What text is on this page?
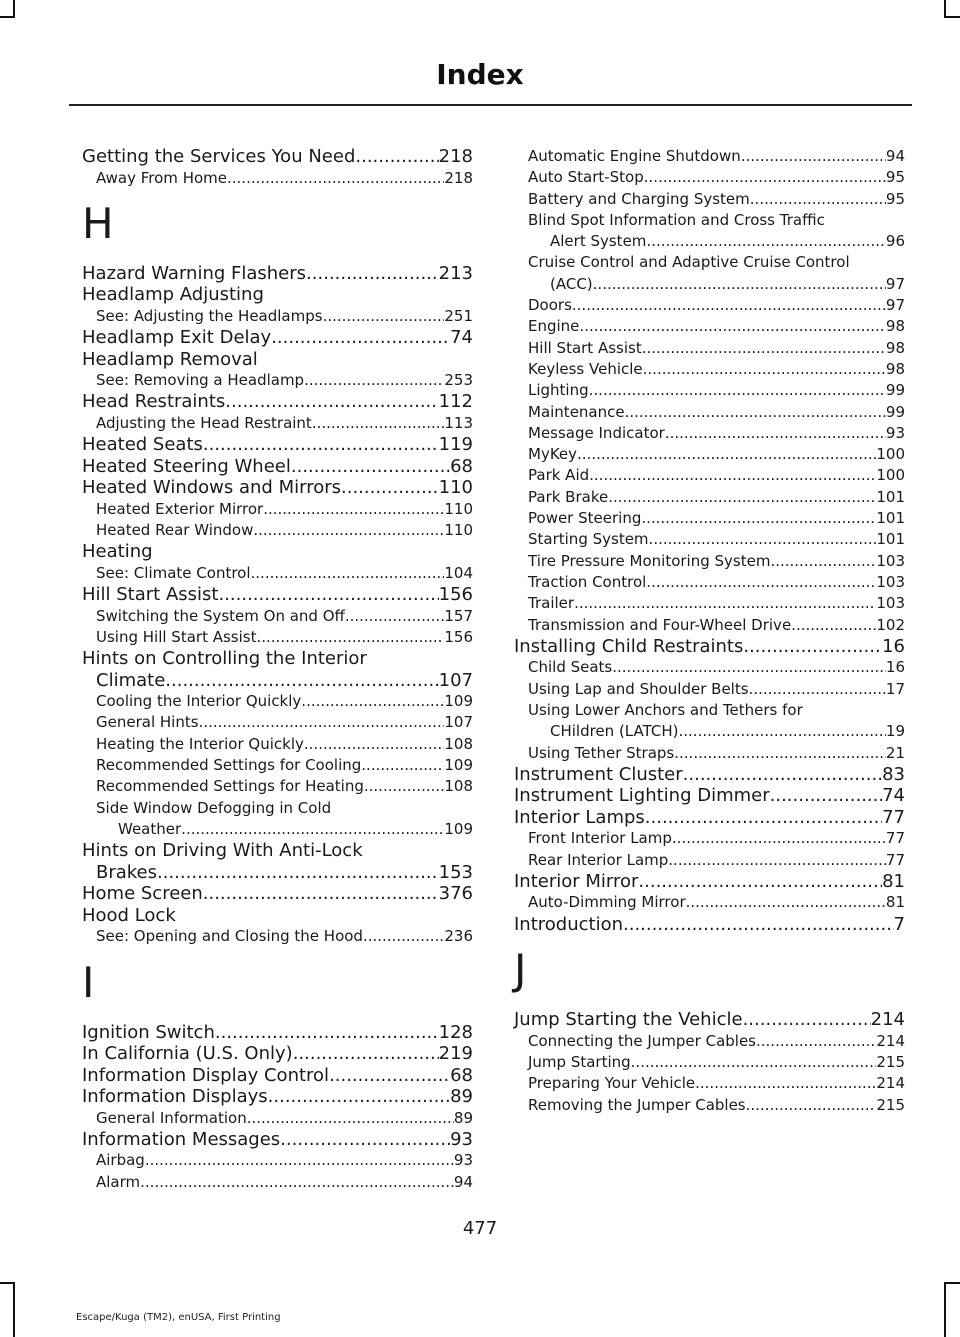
Index
Getting the Services You Need .....	218
Away From Home .....	218
H
Hazard Warning Flashers .....	213
Headlamp Adjusting
See: Adjusting the Headlamps .....	251
Headlamp Exit Delay .....	74
Headlamp Removal
See: Removing a Headlamp .....	253
Head Restraints .....	112
Adjusting the Head Restraint .....	113
Heated Seats .....	119
Heated Steering Wheel .....	68
Heated Windows and Mirrors .....	110
Heated Exterior Mirror .....	110
Heated Rear Window .....	110
Heating
See: Climate Control .....	104
Hill Start Assist .....	156
Switching the System On and Off .....	157
Using Hill Start Assist .....	156
Hints on Controlling the Interior
Climate .....	107
Cooling the Interior Quickly .....	109
General Hints .....	107
Heating the Interior Quickly .....	108
Recommended Settings for Cooling .....	109
Recommended Settings for Heating .....	108
Side Window Defogging in Cold
Weather .....	109
Hints on Driving With Anti-Lock
Brakes .....	153
Home Screen .....	376
Hood Lock
See: Opening and Closing the Hood .....	236
I
Ignition Switch .....	128
In California (U.S. Only) .....	219
Information Display Control .....	68
Information Displays .....	89
General Information .....	89
Information Messages .....	93
Airbag .....	93
Alarm .....	94
Automatic Engine Shutdown .....	94
Auto Start-Stop .....	95
Battery and Charging System .....	95
Blind Spot Information and Cross Traffic
Alert System .....	96
Cruise Control and Adaptive Cruise Control
(ACC) .....	97
Doors .....	97
Engine .....	98
Hill Start Assist .....	98
Keyless Vehicle .....	98
Lighting .....	99
Maintenance .....	99
Message Indicator .....	93
MyKey .....	100
Park Aid .....	100
Park Brake .....	101
Power Steering .....	101
Starting System .....	101
Tire Pressure Monitoring System .....	103
Traction Control .....	103
Trailer .....	103
Transmission and Four-Wheel Drive .....	102
Installing Child Restraints .....	16
Child Seats .....	16
Using Lap and Shoulder Belts .....	17
Using Lower Anchors and Tethers for
CHildren (LATCH) .....	19
Using Tether Straps .....	21
Instrument Cluster .....	83
Instrument Lighting Dimmer .....	74
Interior Lamps .....	77
Front Interior Lamp .....	77
Rear Interior Lamp .....	77
Interior Mirror .....	81
Auto-Dimming Mirror .....	81
Introduction .....	7
J
Jump Starting the Vehicle .....	214
Connecting the Jumper Cables .....	214
Jump Starting .....	215
Preparing Your Vehicle .....	214
Removing the Jumper Cables .....	215
477
Escape/Kuga (TM2), enUSA, First Printing
